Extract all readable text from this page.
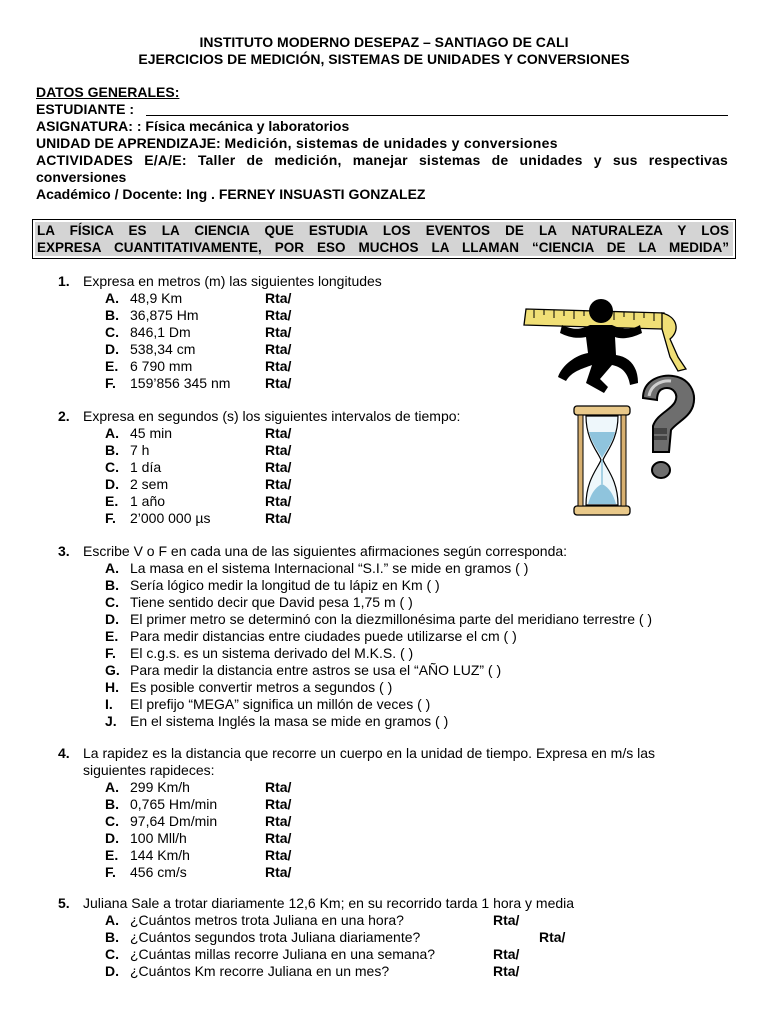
INSTITUTO MODERNO DESEPAZ – SANTIAGO DE CALI
EJERCICIOS DE MEDICIÓN, SISTEMAS DE UNIDADES Y CONVERSIONES
DATOS GENERALES:
ESTUDIANTE :
ASIGNATURA: : Física mecánica y laboratorios
UNIDAD DE APRENDIZAJE: Medición, sistemas de unidades y conversiones
ACTIVIDADES E/A/E: Taller de medición, manejar sistemas de unidades y sus respectivas
conversiones
Académico / Docente: Ing . FERNEY INSUASTI GONZALEZ
LA FÍSICA ES LA CIENCIA QUE ESTUDIA LOS EVENTOS DE LA NATURALEZA Y LOS
EXPRESA CUANTITATIVAMENTE, POR ESO MUCHOS LA LLAMAN “CIENCIA DE LA MEDIDA”
1. Expresa en metros (m) las siguientes longitudes
A. 48,9 Km	Rta/
B. 36,875 Hm	Rta/
C. 846,1 Dm	Rta/
D. 538,34 cm	Rta/
E. 6 790 mm	Rta/
F. 159’856 345 nm Rta/
2. Expresa en segundos (s) los siguientes intervalos de tiempo:
A. 45 min	Rta/
B. 7 h	Rta/
C. 1 día	Rta/
D. 2 sem	Rta/
E. 1 año	Rta/
F. 2’000 000 µs	Rta/
3. Escribe V o F en cada una de las siguientes afirmaciones según corresponda:
A. La masa en el sistema Internacional “S.I.” se mide en gramos ( )
B. Sería lógico medir la longitud de tu lápiz en Km ( )
C. Tiene sentido decir que David pesa 1,75 m ( )
D. El primer metro se determinó con la diezmillonésima parte del meridiano terrestre ( )
E. Para medir distancias entre ciudades puede utilizarse el cm ( )
F. El c.g.s. es un sistema derivado del M.K.S. ( )
G. Para medir la distancia entre astros se usa el “AÑO LUZ” ( )
H. Es posible convertir metros a segundos ( )
I. El prefijo “MEGA” significa un millón de veces ( )
J. En el sistema Inglés la masa se mide en gramos ( )
4. La rapidez es la distancia que recorre un cuerpo en la unidad de tiempo. Expresa en m/s las
siguientes rapideces:
A. 299 Km/h	Rta/
B. 0,765 Hm/min	Rta/
C. 97,64 Dm/min	Rta/
D. 100 Mll/h	Rta/
E. 144 Km/h	Rta/
F. 456 cm/s	Rta/
5. Juliana Sale a trotar diariamente 12,6 Km; en su recorrido tarda 1 hora y media
A. ¿Cuántos metros trota Juliana en una hora?	Rta/
B. ¿Cuántos segundos trota Juliana diariamente?	Rta/
C. ¿Cuántas millas recorre Juliana en una semana?	Rta/
D. ¿Cuántos Km recorre Juliana en un mes?	Rta/
